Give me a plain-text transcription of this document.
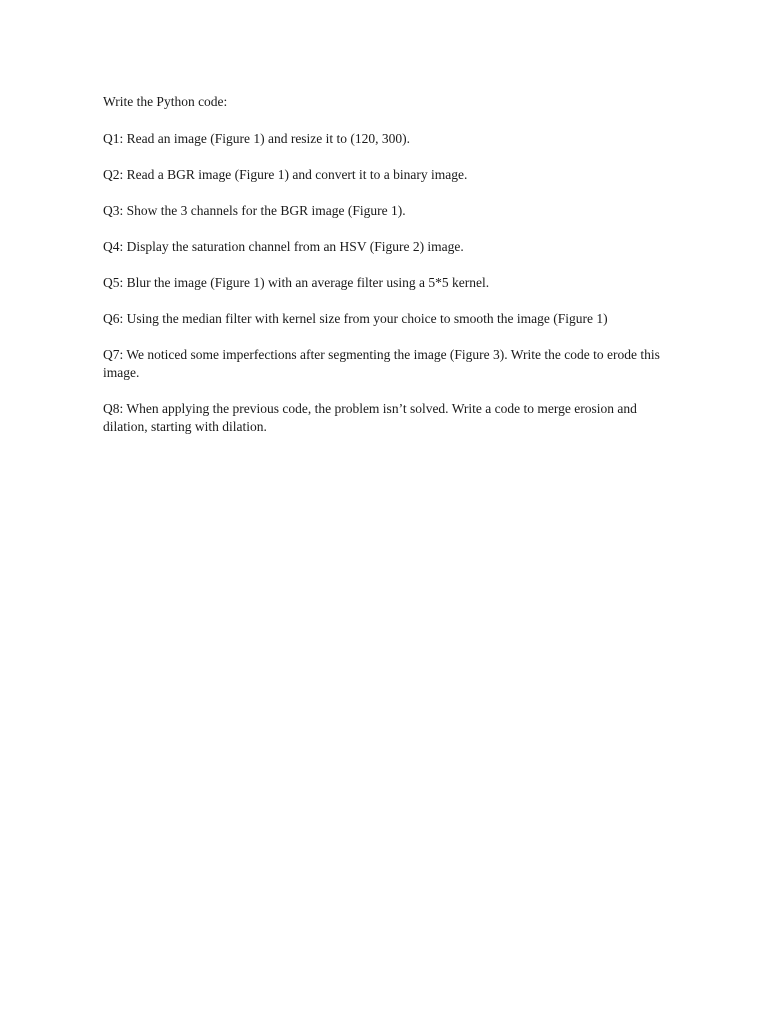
Write the Python code:

Q1: Read an image (Figure 1) and resize it to (120, 300).

Q2: Read a BGR image (Figure 1) and convert it to a binary image.

Q3: Show the 3 channels for the BGR image (Figure 1).

Q4: Display the saturation channel from an HSV (Figure 2) image.

Q5: Blur the image (Figure 1) with an average filter using a 5*5 kernel.

Q6: Using the median filter with kernel size from your choice to smooth the image (Figure 1)

Q7: We noticed some imperfections after segmenting the image (Figure 3). Write the code to erode this image.

Q8: When applying the previous code, the problem isn’t solved. Write a code to merge erosion and dilation, starting with dilation.
